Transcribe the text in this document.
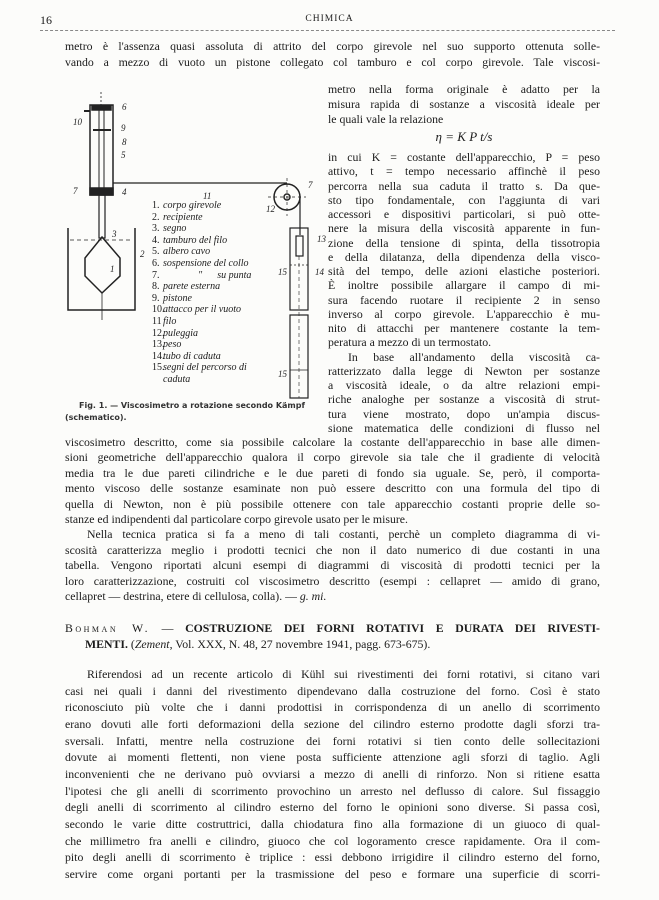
16	CHIMICA
metro è l'assenza quasi assoluta di attrito del corpo girevole nel suo supporto ottenuta solle-
vando a mezzo di vuoto un pistone collegato col tamburo e col corpo girevole. Tale viscosi-
metro nella forma originale è adatto per la
misura rapida di sostanze a viscosità ideale per
le quali vale la relazione
in cui K = costante dell'apparecchio, P = peso
attivo, t = tempo necessario affinchè il peso
percorra nella sua caduta il tratto s. Da que-
sto tipo fondamentale, con l'aggiunta di vari
accessori e dispositivi particolari, si può otte-
nere la misura della viscosità apparente in fun-
zione della tensione di spinta, della tissotropia
e della dilatanza, della dipendenza della visco-
sità del tempo, delle azioni elastiche posteriori.
È inoltre possibile allargare il campo di mi-
sura facendo ruotare il recipiente 2 in senso
inverso al corpo girevole. L'apparecchio è mu-
nito di attacchi per mantenere costante la tem-
peratura a mezzo di un termostato.
In base all'andamento della viscosità ca-
ratterizzato dalla legge di Newton per sostanze
a viscosità ideale, o da altre relazioni empi-
riche analoghe per sostanze a viscosità di strut-
tura viene mostrato, dopo un'ampia discus-
sione matematica delle condizioni di flusso nel
viscosimetro descritto, come sia possibile calcolare la costante dell'apparecchio in base alle dimen-
sioni geometriche dell'apparecchio qualora il corpo girevole sia tale che il gradiente di velocità
media tra le due pareti cilindriche e le due pareti di fondo sia uguale. Se, però, il comporta-
mento viscoso delle sostanze esaminate non può essere descritto con una formula del tipo di
quella di Newton, non è più possibile ottenere con tale apparecchio costanti proprie delle so-
stanze ed indipendenti dal particolare corpo girevole usato per le misure.
Nella tecnica pratica si fa a meno di tali costanti, perchè un completo diagramma di vi-
scosità caratterizza meglio i prodotti tecnici che non il dato numerico di due costanti in una
tabella. Vengono riportati alcuni esempi di diagrammi di viscosità di prodotti tecnici per la
loro caratterizzazione, costruiti col viscosimetro descritto (esempi : cellapret — amido di grano,
cellapret — destrina, etere di cellulosa, colla). — g. mi.
Riferendosi ad un recente articolo di Kühl sui rivestimenti dei forni rotativi, si citano vari
casi nei quali i danni del rivestimento dipendevano dalla costruzione del forno. Così è stato
riconosciuto più volte che i danni prodottisi in corrispondenza di un anello di scorrimento
erano dovuti alle forti deformazioni della sezione del cilindro esterno prodotte dagli sforzi tra-
sversali. Infatti, mentre nella costruzione dei forni rotativi si tien conto delle sollecitazioni
dovute ai momenti flettenti, non viene posta sufficiente attenzione agli sforzi di taglio. Agli
inconvenienti che ne derivano può ovviarsi a mezzo di anelli di rinforzo. Non si ritiene esatta
l'ipotesi che gli anelli di scorrimento provochino un arresto nel deflusso di calore. Sul fissaggio
degli anelli di scorrimento al cilindro esterno del forno le opinioni sono diverse. Si passa così,
secondo le varie ditte costruttrici, dalla chiodatura fino alla formazione di un giuoco di qual-
che millimetro fra anelli e cilindro, giuoco che col logoramento cresce rapidamente. Ora il com-
pito degli anelli di scorrimento è triplice : essi debbono irrigidire il cilindro esterno del forno,
servire come organi portanti per la trasmissione del peso e formare una superficie di scorri-
η = K P t/s
6
10
9
8
5
7	4	11
3
2
1
7
12
13
15	14
15
1. corpo girevole
2. recipiente
3. segno
4. tamburo del filo
5. albero cavo
6. sospensione del collo
7.              "      su punta
8. parete esterna
9. pistone
10.attacco per il vuoto
11filo
12.puleggia
13.peso
14.tubo di caduta
15.segni del percorso di
caduta
Fig. 1. — Viscosimetro a rotazione secondo Kämpf
(schematico).
Bohman W. — COSTRUZIONE DEI FORNI ROTATIVI E DURATA DEI RIVESTI-
MENTI. (Zement, Vol. XXX, N. 48, 27 novembre 1941, pagg. 673-675).
